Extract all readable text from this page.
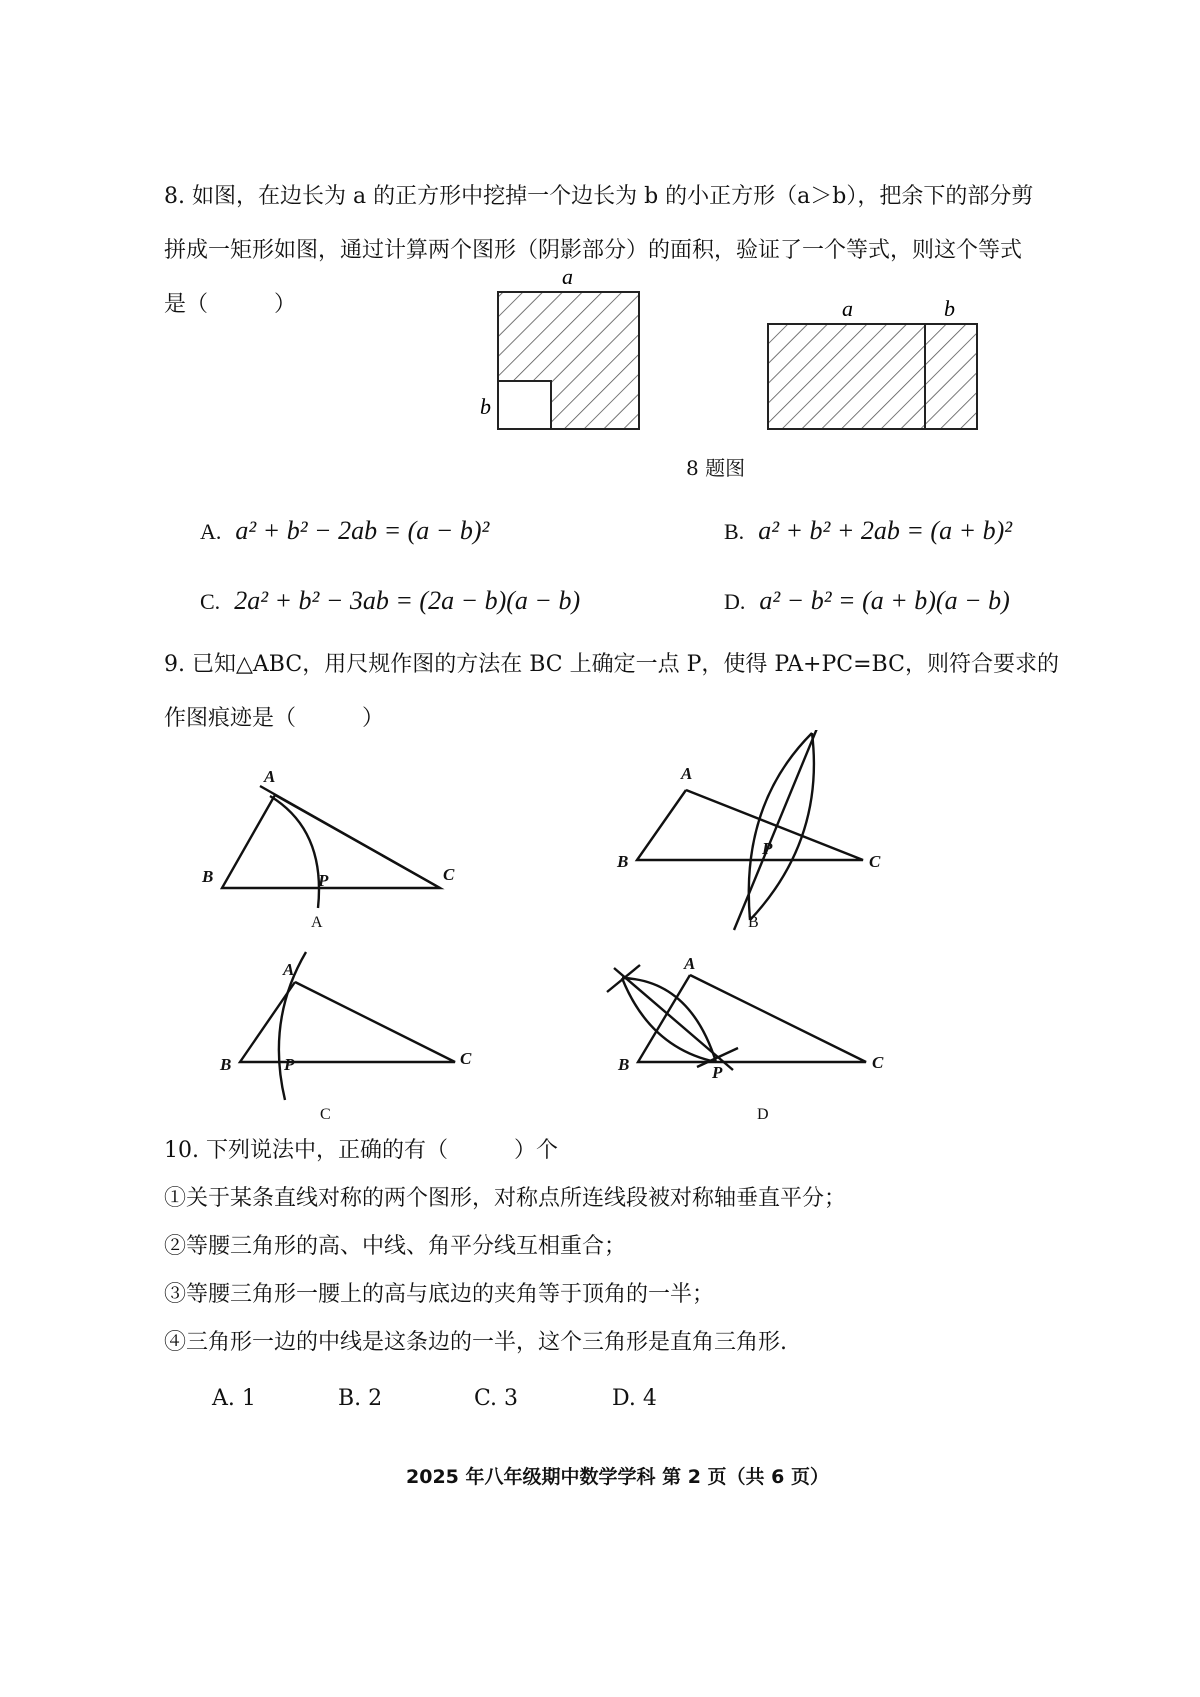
8. 如图，在边长为 a 的正方形中挖掉一个边长为 b 的小正方形（a＞b），把余下的部分剪
拼成一矩形如图，通过计算两个图形（阴影部分）的面积，验证了一个等式，则这个等式
是（　　　）
a
b
a	b
8 题图
A. a² + b² − 2ab = (a − b)²	B. a² + b² + 2ab = (a + b)²
C. 2a² + b² − 3ab = (2a − b)(a − b)	D. a² − b² = (a + b)(a − b)
9. 已知△ABC，用尺规作图的方法在 BC 上确定一点 P，使得 PA+PC=BC，则符合要求的
作图痕迹是（　　　）
A
B	C
P
A
B	C
P
A
B	C
P
A
B	C
P
A	B
C	D
10. 下列说法中，正确的有（　　　）个
①关于某条直线对称的两个图形，对称点所连线段被对称轴垂直平分；
②等腰三角形的高、中线、角平分线互相重合；
③等腰三角形一腰上的高与底边的夹角等于顶角的一半；
④三角形一边的中线是这条边的一半，这个三角形是直角三角形.
A. 1	B. 2	C. 3	D. 4
2025 年八年级期中数学学科 第 2 页（共 6 页）
